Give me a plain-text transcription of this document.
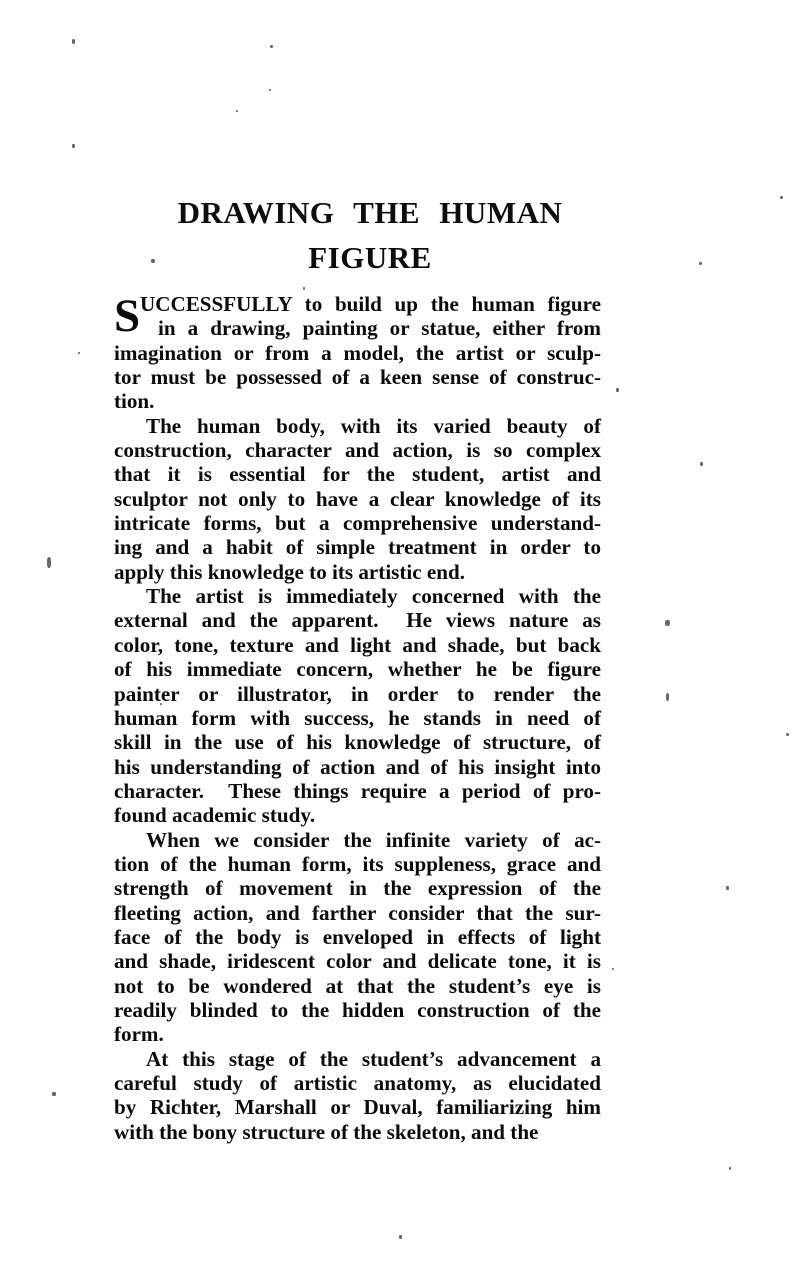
DRAWING THE HUMAN
FIGURE
S UCCESSFULLY to build up the human figure
in a drawing, painting or statue, either from
imagination or from a model, the artist or sculp-
tor must be possessed of a keen sense of construc-
tion.
The human body, with its varied beauty of
construction, character and action, is so complex
that it is essential for the student, artist and
sculptor not only to have a clear knowledge of its
intricate forms, but a comprehensive understand-
ing and a habit of simple treatment in order to
apply this knowledge to its artistic end.
The artist is immediately concerned with the
external and the apparent.  He views nature as
color, tone, texture and light and shade, but back
of his immediate concern, whether he be figure
painter or illustrator, in order to render the
human form with success, he stands in need of
skill in the use of his knowledge of structure, of
his understanding of action and of his insight into
character.  These things require a period of pro-
found academic study.
When we consider the infinite variety of ac-
tion of the human form, its suppleness, grace and
strength of movement in the expression of the
fleeting action, and farther consider that the sur-
face of the body is enveloped in effects of light
and shade, iridescent color and delicate tone, it is
not to be wondered at that the student’s eye is
readily blinded to the hidden construction of the
form.
At this stage of the student’s advancement a
careful study of artistic anatomy, as elucidated
by Richter, Marshall or Duval, familiarizing him
with the bony structure of the skeleton, and the
